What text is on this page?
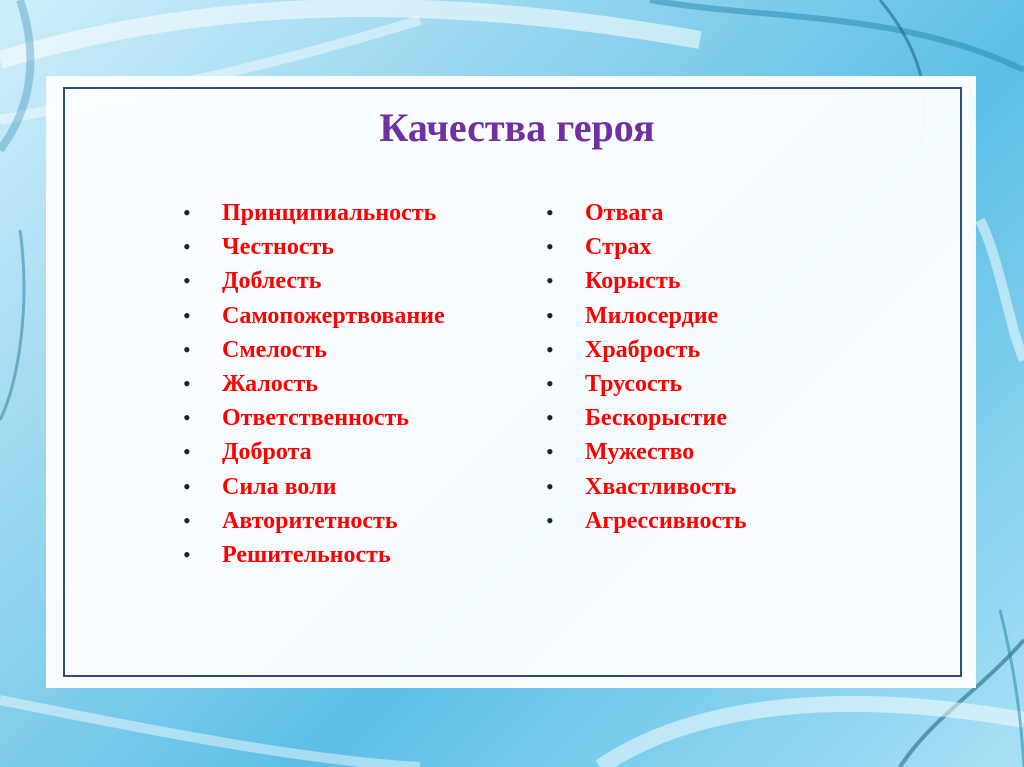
Качества героя
•	Принципиальность
•	Честность
•	Доблесть
•	Самопожертвование
•	Смелость
•	Жалость
•	Ответственность
•	Доброта
•	Сила воли
•	Авторитетность
•	Решительность
•	Отвага
•	Страх
•	Корысть
•	Милосердие
•	Храбрость
•	Трусость
•	Бескорыстие
•	Мужество
•	Хвастливость
•	Агрессивность
